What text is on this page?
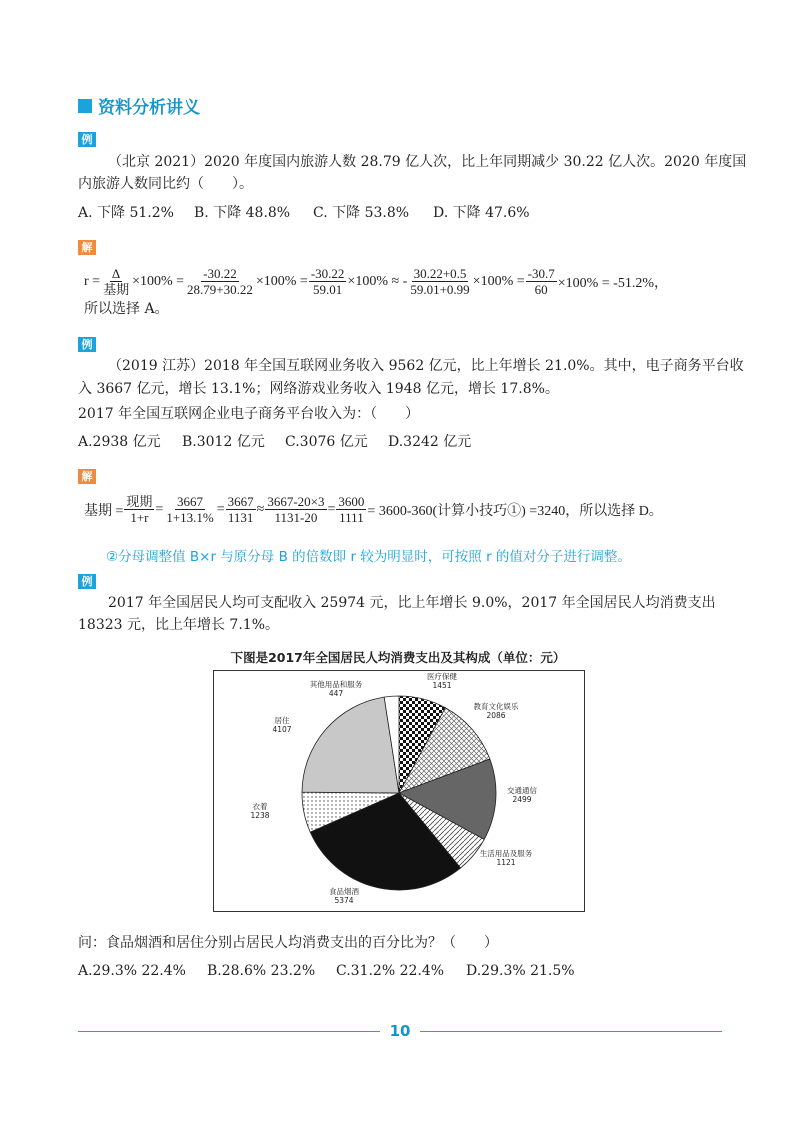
资料分析讲义
例
（北京 2021）2020 年度国内旅游人数 28.79 亿人次，比上年同期减少 30.22 亿人次。2020 年度国
内旅游人数同比约（　　）。
A. 下降 51.2% B. 下降 48.8% C. 下降 53.8% D. 下降 47.6%
解
$r = \frac{\Delta}{\text{基期}} \times 100\% = \frac{-30.22}{28.79+30.22} \times 100\% = \frac{-30.22}{59.01} \times 100\%$ ≈ - $\frac{30.22+0.5}{59.01+0.99} \times 100\% = \frac{-30.7}{60} \times 100\% = -51.2\%$，
所以选择 A。
例
（2019 江苏）2018 年全国互联网业务收入 9562 亿元，比上年增长 21.0%。其中，电子商务平台收
入 3667 亿元，增长 13.1%；网络游戏业务收入 1948 亿元，增长 17.8%。
2017 年全国互联网企业电子商务平台收入为：（　　）
A.2938 亿元 B.3012 亿元 C.3076 亿元 D.3242 亿元
解
基期 = $\frac{\text{现期}}{1+r} = \frac{3667}{1+13.1\%} = \frac{3667}{1131} \approx \frac{3667-20\times 3}{1131-20} = \frac{3600}{1111} = 3600-360$(计算小技巧①) =3240，所以选择 D。
②分母调整值 B×r 与原分母 B 的倍数即 r 较为明显时，可按照 r 的值对分子进行调整。
例
2017 年全国居民人均可支配收入 25974 元，比上年增长 9.0%，2017 年全国居民人均消费支出
18323 元，比上年增长 7.1%。
下图是2017年全国居民人均消费支出及其构成（单位：元）
医疗保健
1451
教育文化娱乐
2086
交通通信
2499
生活用品及服务
1121
食品烟酒
5374
衣着
1238
居住
4107
其他用品和服务
447
问：食品烟酒和居住分别占居民人均消费支出的百分比为？（　　）
A.29.3% 22.4% B.28.6% 23.2% C.31.2% 22.4% D.29.3% 21.5%
10
